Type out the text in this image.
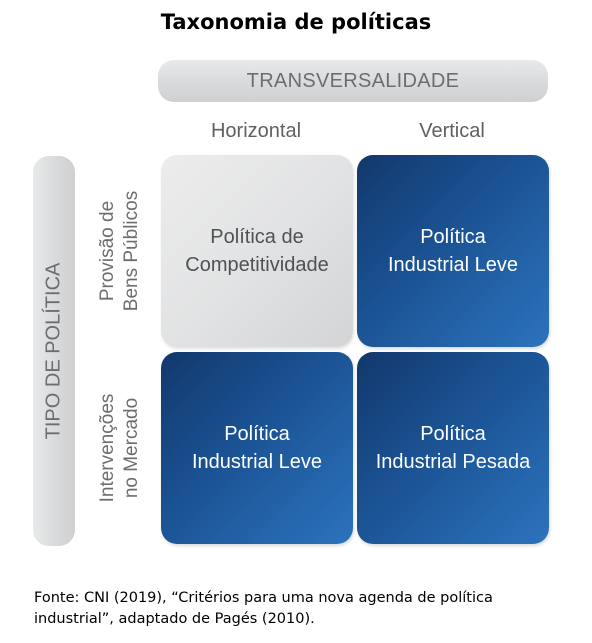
Taxonomia de políticas
TRANSVERSALIDADE
TIPO DE POLÍTICA
Horizontal	Vertical
Provisão de Bens Públicos
Intervenções no Mercado
Política de
Competitividade
Política
Industrial Leve
Política
Industrial Leve
Política
Industrial Pesada
Fonte: CNI (2019), “Critérios para uma nova agenda de política
industrial”, adaptado de Pagés (2010).
